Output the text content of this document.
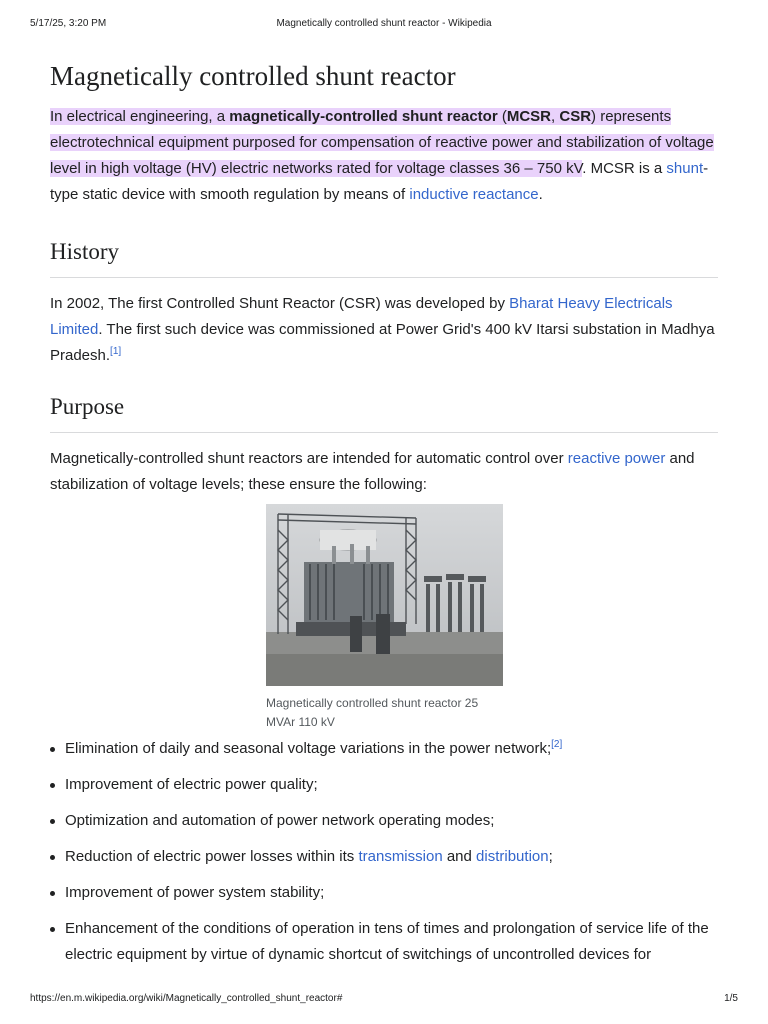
5/17/25, 3:20 PM	Magnetically controlled shunt reactor - Wikipedia
Magnetically controlled shunt reactor

In electrical engineering, a magnetically-controlled shunt reactor (MCSR, CSR) represents electrotechnical equipment purposed for compensation of reactive power and stabilization of voltage level in high voltage (HV) electric networks rated for voltage classes 36 – 750 kV. MCSR is a shunt-type static device with smooth regulation by means of inductive reactance.

History

In 2002, The first Controlled Shunt Reactor (CSR) was developed by Bharat Heavy Electricals Limited. The first such device was commissioned at Power Grid's 400 kV Itarsi substation in Madhya Pradesh.[1]

Purpose

Magnetically-controlled shunt reactors are intended for automatic control over reactive power and stabilization of voltage levels; these ensure the following:

Magnetically controlled shunt reactor 25 MVAr 110 kV
Elimination of daily and seasonal voltage variations in the power network;[2]
Improvement of electric power quality;
Optimization and automation of power network operating modes;
Reduction of electric power losses within its transmission and distribution;
Improvement of power system stability;
Enhancement of the conditions of operation in tens of times and prolongation of service life of the electric equipment by virtue of dynamic shortcut of switchings of uncontrolled devices for
https://en.m.wikipedia.org/wiki/Magnetically_controlled_shunt_reactor#	1/5
